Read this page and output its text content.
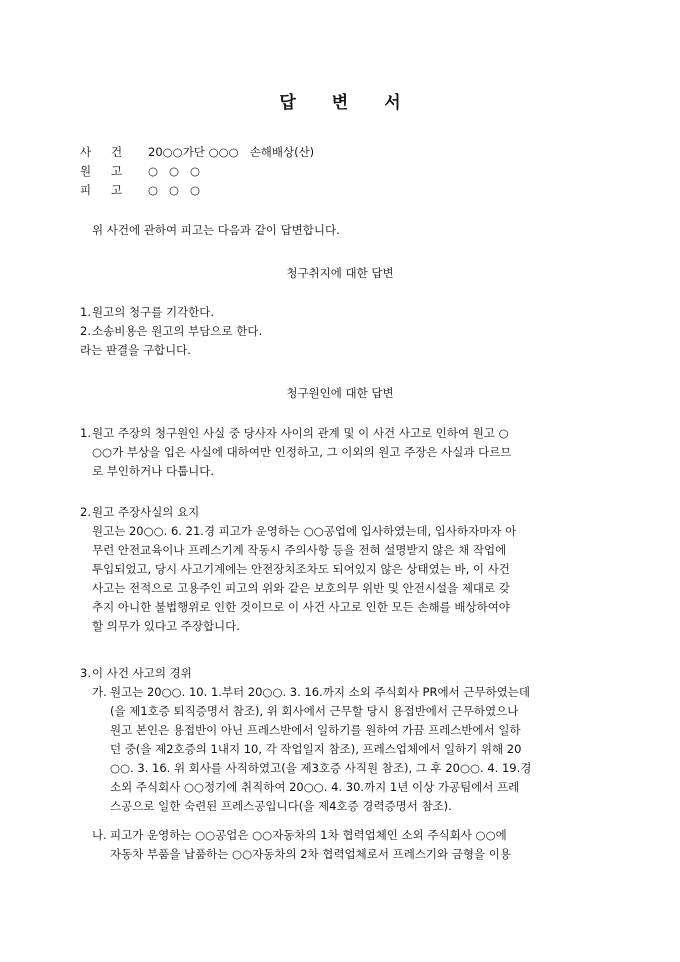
답 변 서
사 건	20○○가단 ○○○   손해배상(산)
원 고	○   ○   ○
피 고	○   ○   ○
위 사건에 관하여 피고는 다음과 같이 답변합니다.
청구취지에 대한 답변
1. 원고의 청구를 기각한다.
2. 소송비용은 원고의 부담으로 한다.
라는 판결을 구합니다.
청구원인에 대한 답변
1. 원고 주장의 청구원인 사실 중 당사자 사이의 관계 및 이 사건 사고로 인하여 원고 ○
○○가 부상을 입은 사실에 대하여만 인정하고, 그 이외의 원고 주장은 사실과 다르므
로 부인하거나 다툽니다.
2. 원고 주장사실의 요지
원고는 20○○. 6. 21.경 피고가 운영하는 ○○공업에 입사하였는데, 입사하자마자 아
무런 안전교육이나 프레스기계 작동시 주의사항 등을 전혀 설명받지 않은 채 작업에
투입되었고, 당시 사고기계에는 안전장치조차도 되어있지 않은 상태였는 바, 이 사건
사고는 전적으로 고용주인 피고의 위와 같은 보호의무 위반 및 안전시설을 제대로 갖
추지 아니한 불법행위로 인한 것이므로 이 사건 사고로 인한 모든 손해를 배상하여야
할 의무가 있다고 주장합니다.
3. 이 사건 사고의 경위
가. 원고는 20○○. 10. 1.부터 20○○. 3. 16.까지 소외 주식회사 PR에서 근무하였는데
(을 제1호증 퇴직증명서 참조), 위 회사에서 근무할 당시 용접반에서 근무하였으나
원고 본인은 용접반이 아닌 프레스반에서 일하기를 원하여 가끔 프레스반에서 일하
던 중(을 제2호증의 1내지 10, 각 작업일지 참조), 프레스업체에서 일하기 위해 20
○○. 3. 16. 위 회사를 사직하였고(을 제3호증 사직원 참조), 그 후 20○○. 4. 19.경
소외 주식회사 ○○정기에 취직하여 20○○. 4. 30.까지 1년 이상 가공팀에서 프레
스공으로 일한 숙련된 프레스공입니다(을 제4호증 경력증명서 참조).
나. 피고가 운영하는 ○○공업은 ○○자동차의 1차 협력업체인 소외 주식회사 ○○에
자동차 부품을 납품하는 ○○자동차의 2차 협력업체로서 프레스기와 금형을 이용
